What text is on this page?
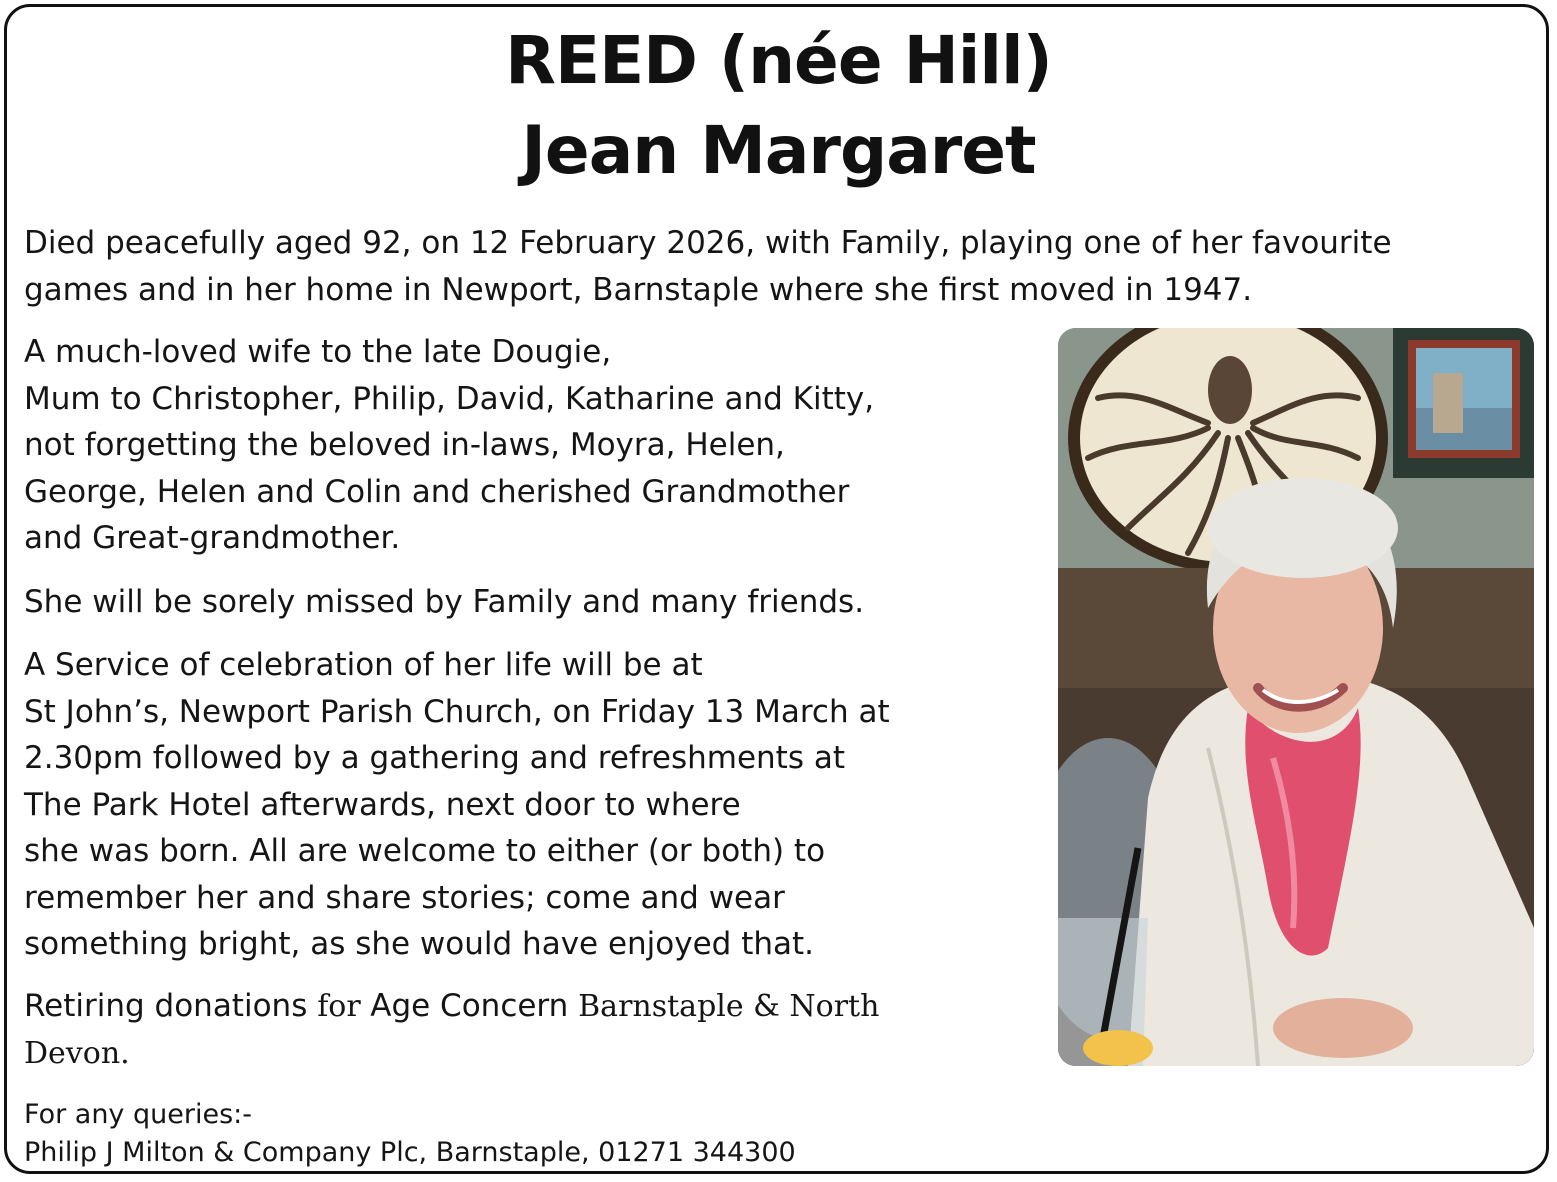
REED (née Hill)
Jean Margaret
Died peacefully aged 92, on 12 February 2026, with Family, playing one of her favourite
games and in her home in Newport, Barnstaple where she first moved in 1947.
A much-loved wife to the late Dougie,
Mum to Christopher, Philip, David, Katharine and Kitty,
not forgetting the beloved in-laws, Moyra, Helen,
George, Helen and Colin and cherished Grandmother
and Great-grandmother.
She will be sorely missed by Family and many friends.
A Service of celebration of her life will be at
St John’s, Newport Parish Church, on Friday 13 March at
2.30pm followed by a gathering and refreshments at
The Park Hotel afterwards, next door to where
she was born. All are welcome to either (or both) to
remember her and share stories; come and wear
something bright, as she would have enjoyed that.
Retiring donations for Age Concern Barnstaple & North
Devon.
For any queries:-
Philip J Milton & Company Plc, Barnstaple, 01271 344300
